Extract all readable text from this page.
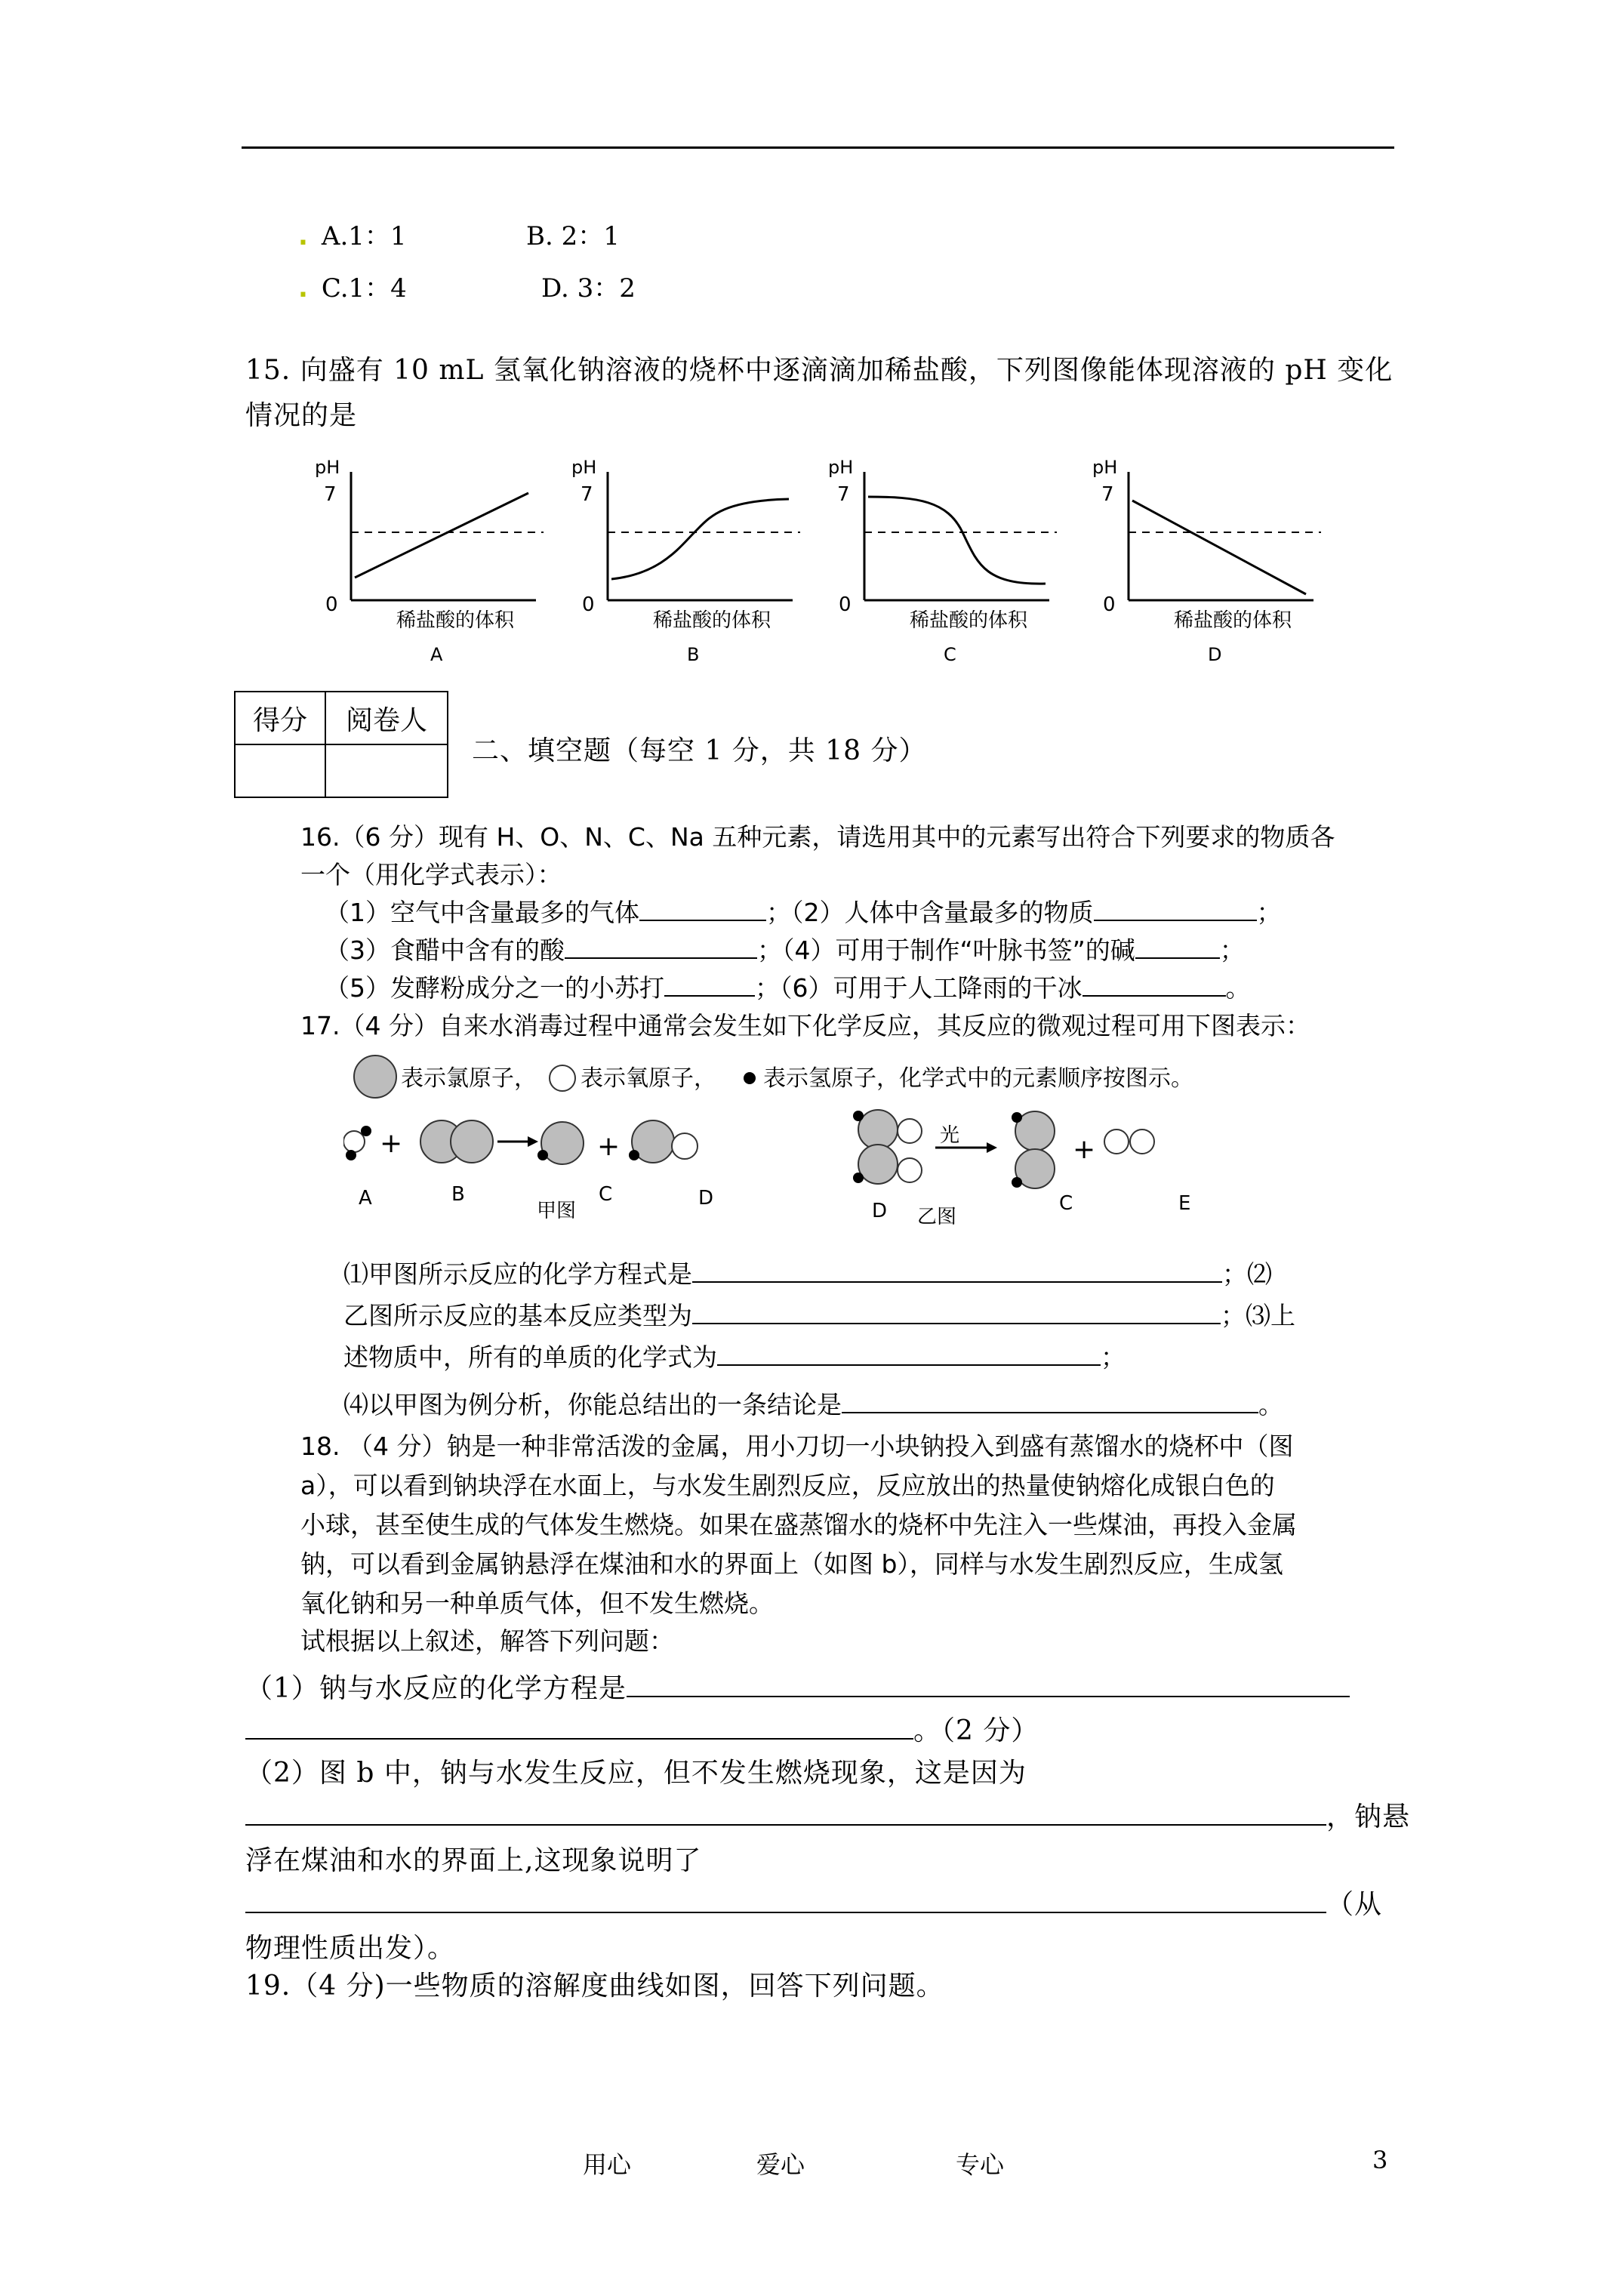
. A.1：1	B. 2：1
. C.1：4	D. 3：2
15. 向盛有 10 mL 氢氧化钠溶液的烧杯中逐滴滴加稀盐酸，下列图像能体现溶液的 pH 变化
情况的是
pH
7
0
稀盐酸的体积
A
pH
7
0
稀盐酸的体积
B
pH
7
0
稀盐酸的体积
C
pH
7
0
稀盐酸的体积
D
得分	阅卷人

二、填空题（每空 1 分，共 18 分）
16.（6 分）现有 H、O、N、C、Na 五种元素，请选用其中的元素写出符合下列要求的物质各
一个（用化学式表示）：
（1）空气中含量最多的气体	；（2）人体中含量最多的物质	；
（3）食醋中含有的酸	；（4）可用于制作“叶脉书签”的碱	；
（5）发酵粉成分之一的小苏打	；（6）可用于人工降雨的干冰	。
17.（4 分）自来水消毒过程中通常会发生如下化学反应，其反应的微观过程可用下图表示：
表示氯原子， 表示氧原子， 表示氢原子，化学式中的元素顺序按图示。
+	+
A	B	C
甲图
D
光	+
D 乙图
C	E
⑴甲图所示反应的化学方程式是	；⑵
乙图所示反应的基本反应类型为	；⑶上
述物质中，所有的单质的化学式为	；
⑷以甲图为例分析，你能总结出的一条结论是	。
18. （4 分）钠是一种非常活泼的金属，用小刀切一小块钠投入到盛有蒸馏水的烧杯中（图
a），可以看到钠块浮在水面上，与水发生剧烈反应，反应放出的热量使钠熔化成银白色的
小球，甚至使生成的气体发生燃烧。如果在盛蒸馏水的烧杯中先注入一些煤油，再投入金属
钠，可以看到金属钠悬浮在煤油和水的界面上（如图 b），同样与水发生剧烈反应，生成氢
氧化钠和另一种单质气体，但不发生燃烧。
试根据以上叙述，解答下列问题：
（1）钠与水反应的化学方程是
。（2 分）
（2）图 b 中，钠与水发生反应，但不发生燃烧现象，这是因为
，钠悬
浮在煤油和水的界面上,这现象说明了
（从
物理性质出发）。
19.（4 分)一些物质的溶解度曲线如图，回答下列问题。
用心	爱心	专心	3
